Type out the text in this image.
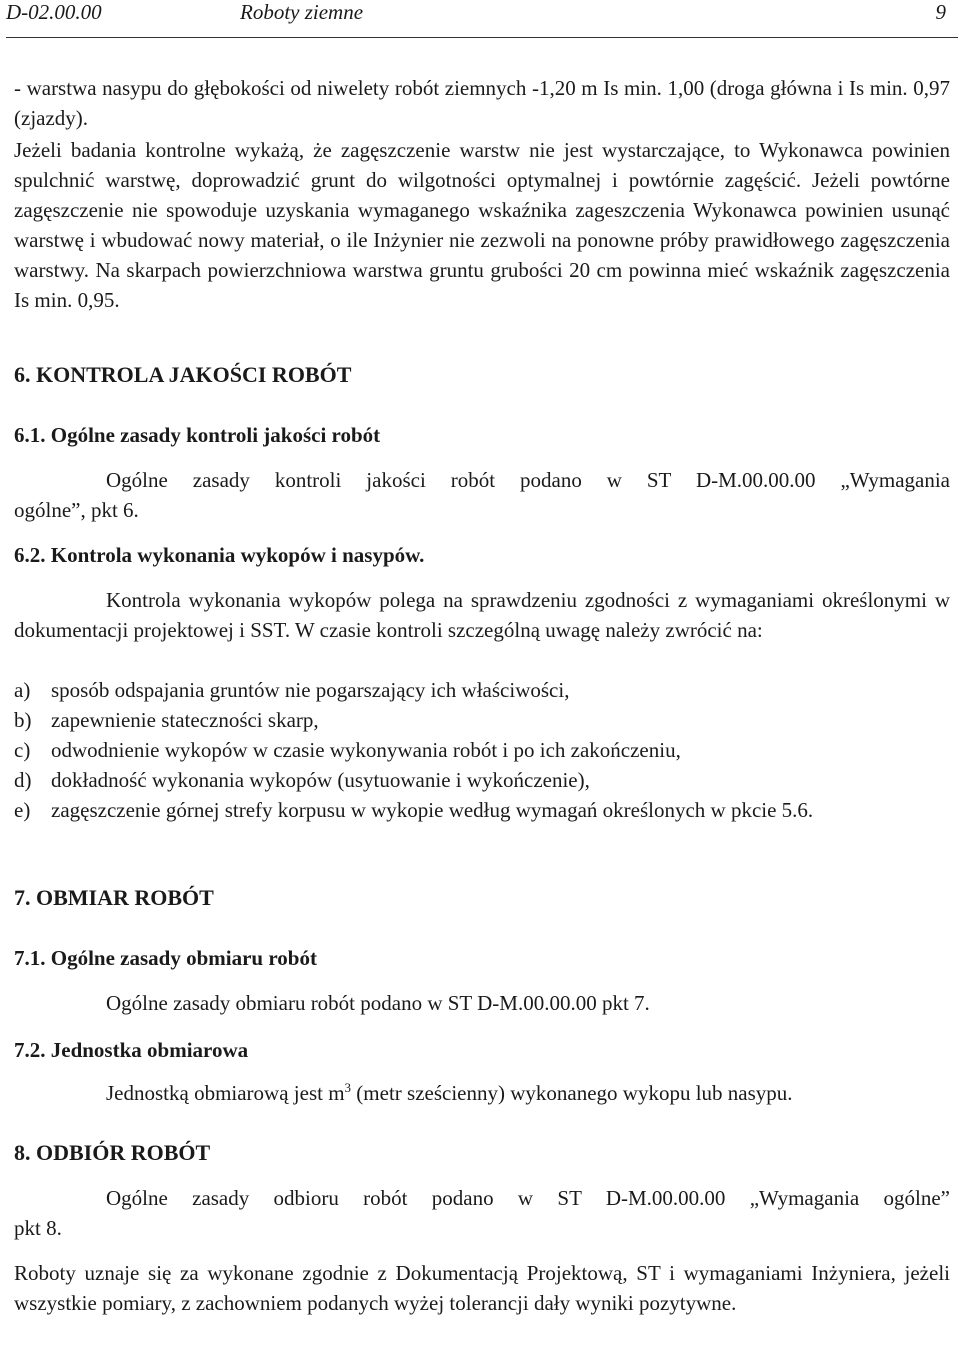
D-02.00.00	Roboty ziemne	9
- warstwa nasypu do głębokości od niwelety robót ziemnych -1,20 m Is min. 1,00 (droga główna i Is min. 0,97 (zjazdy).
Jeżeli badania kontrolne wykażą, że zagęszczenie warstw nie jest wystarczające, to Wykonawca powinien spulchnić warstwę, doprowadzić grunt do wilgotności optymalnej i powtórnie zagęścić. Jeżeli powtórne zagęszczenie nie spowoduje uzyskania wymaganego wskaźnika zageszczenia Wykonawca powinien usunąć warstwę i wbudować nowy materiał, o ile Inżynier nie zezwoli na ponowne próby prawidłowego zagęszczenia warstwy. Na skarpach powierzchniowa warstwa gruntu grubości 20 cm powinna mieć wskaźnik zagęszczenia Is min. 0,95.
6. KONTROLA JAKOŚCI ROBÓT
6.1. Ogólne zasady kontroli jakości robót
Ogólne zasady kontroli jakości robót podano w ST D-M.00.00.00 „Wymagania
ogólne”, pkt 6.
6.2. Kontrola wykonania wykopów i nasypów.
Kontrola wykonania wykopów polega na sprawdzeniu zgodności z wymaganiami określonymi w dokumentacji projektowej i SST. W czasie kontroli szczególną uwagę należy zwrócić na:
a) sposób odspajania gruntów nie pogarszający ich właściwości,
b) zapewnienie stateczności skarp,
c) odwodnienie wykopów w czasie wykonywania robót i po ich zakończeniu,
d) dokładność wykonania wykopów (usytuowanie i wykończenie),
e) zagęszczenie górnej strefy korpusu w wykopie według wymagań określonych w pkcie 5.6.
7. OBMIAR ROBÓT
7.1. Ogólne zasady obmiaru robót
Ogólne zasady obmiaru robót podano w ST D-M.00.00.00 pkt 7.
7.2. Jednostka obmiarowa
Jednostką obmiarową jest $m^3$ (metr sześcienny) wykonanego wykopu lub nasypu.
8. ODBIÓR ROBÓT
Ogólne zasady odbioru robót podano w ST D-M.00.00.00 „Wymagania ogólne”
pkt 8.
Roboty uznaje się za wykonane zgodnie z Dokumentacją Projektową, ST i wymaganiami Inżyniera, jeżeli wszystkie pomiary, z zachowniem podanych wyżej tolerancji dały wyniki pozytywne.
